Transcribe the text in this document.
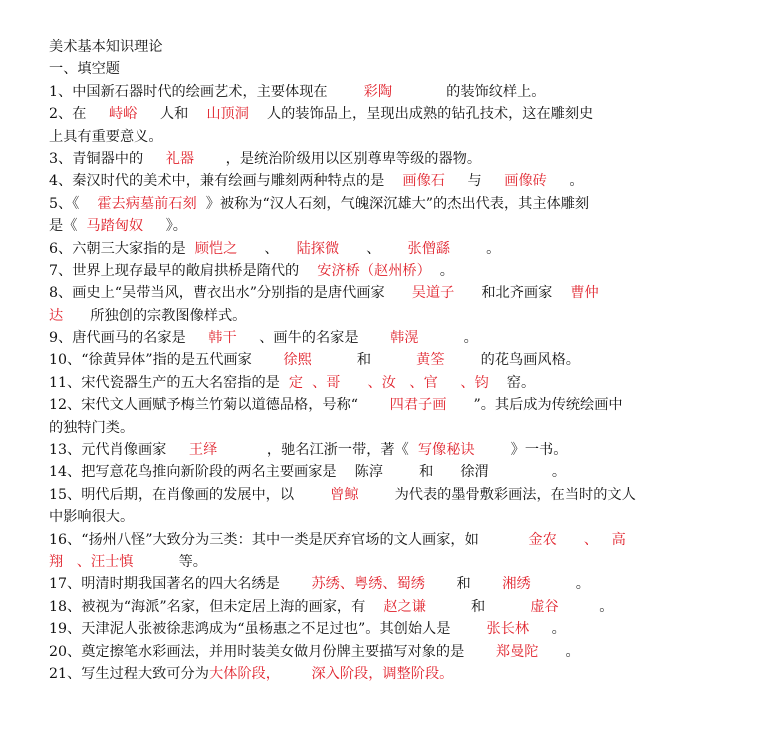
美术基本知识理论
一、填空题
1、中国新石器时代的绘画艺术，主要体现在        彩陶            的装饰纹样上。
2、在     峙峪     人和    山顶洞    人的装饰品上，呈现出成熟的钻孔技术，这在雕刻史
上具有重要意义。
3、青铜器中的     礼器       ，是统治阶级用以区别尊卑等级的器物。
4、秦汉时代的美术中，兼有绘画与雕刻两种特点的是    画像石     与     画像砖     。
5、《    霍去病墓前石刻  》被称为“汉人石刻，气魄深沉雄大”的杰出代表，其主体雕刻
是《  马踏匈奴     》。
6、六朝三大家指的是  顾恺之      、    陆探微      、      张僧繇        。
7、世界上现存最早的敞肩拱桥是隋代的    安济桥（赵州桥）  。
8、画史上“吴带当风，曹衣出水”分别指的是唐代画家      吴道子      和北齐画家    曹仲
达      所独创的宗教图像样式。
9、唐代画马的名家是     韩干     、画牛的名家是       韩滉          。
10、“徐黄异体”指的是五代画家       徐熙          和          黄筌        的花鸟画风格。
11、宋代瓷器生产的五大名窑指的是  定  、哥      、汝   、官     、钧    窑。
12、宋代文人画赋予梅兰竹菊以道德品格，号称“       四君子画      ”。其后成为传统绘画中
的独特门类。
13、元代肖像画家     王绎           ，驰名江浙一带，著《  写像秘诀        》一书。
14、把写意花鸟推向新阶段的两名主要画家是    陈淳        和      徐渭              。
15、明代后期，在肖像画的发展中，以        曾鲸        为代表的墨骨敷彩画法，在当时的文人
中影响很大。
16、“扬州八怪”大致分为三类：其中一类是厌弃官场的文人画家，如           金农 、   高
翔   、汪士慎          等。
17、明清时期我国著名的四大名绣是       苏绣、粤绣、蜀绣       和       湘绣          。
18、被视为“海派”名家，但未定居上海的画家，有    赵之谦          和          虚谷         。
19、天津泥人张被徐悲鸿成为“虽杨惠之不足过也”。其创始人是        张长林     。
20、奠定擦笔水彩画法，并用时装美女做月份牌主要描写对象的是       郑曼陀      。
21、写生过程大致可分为大体阶段，       深入阶段，调整阶段。
